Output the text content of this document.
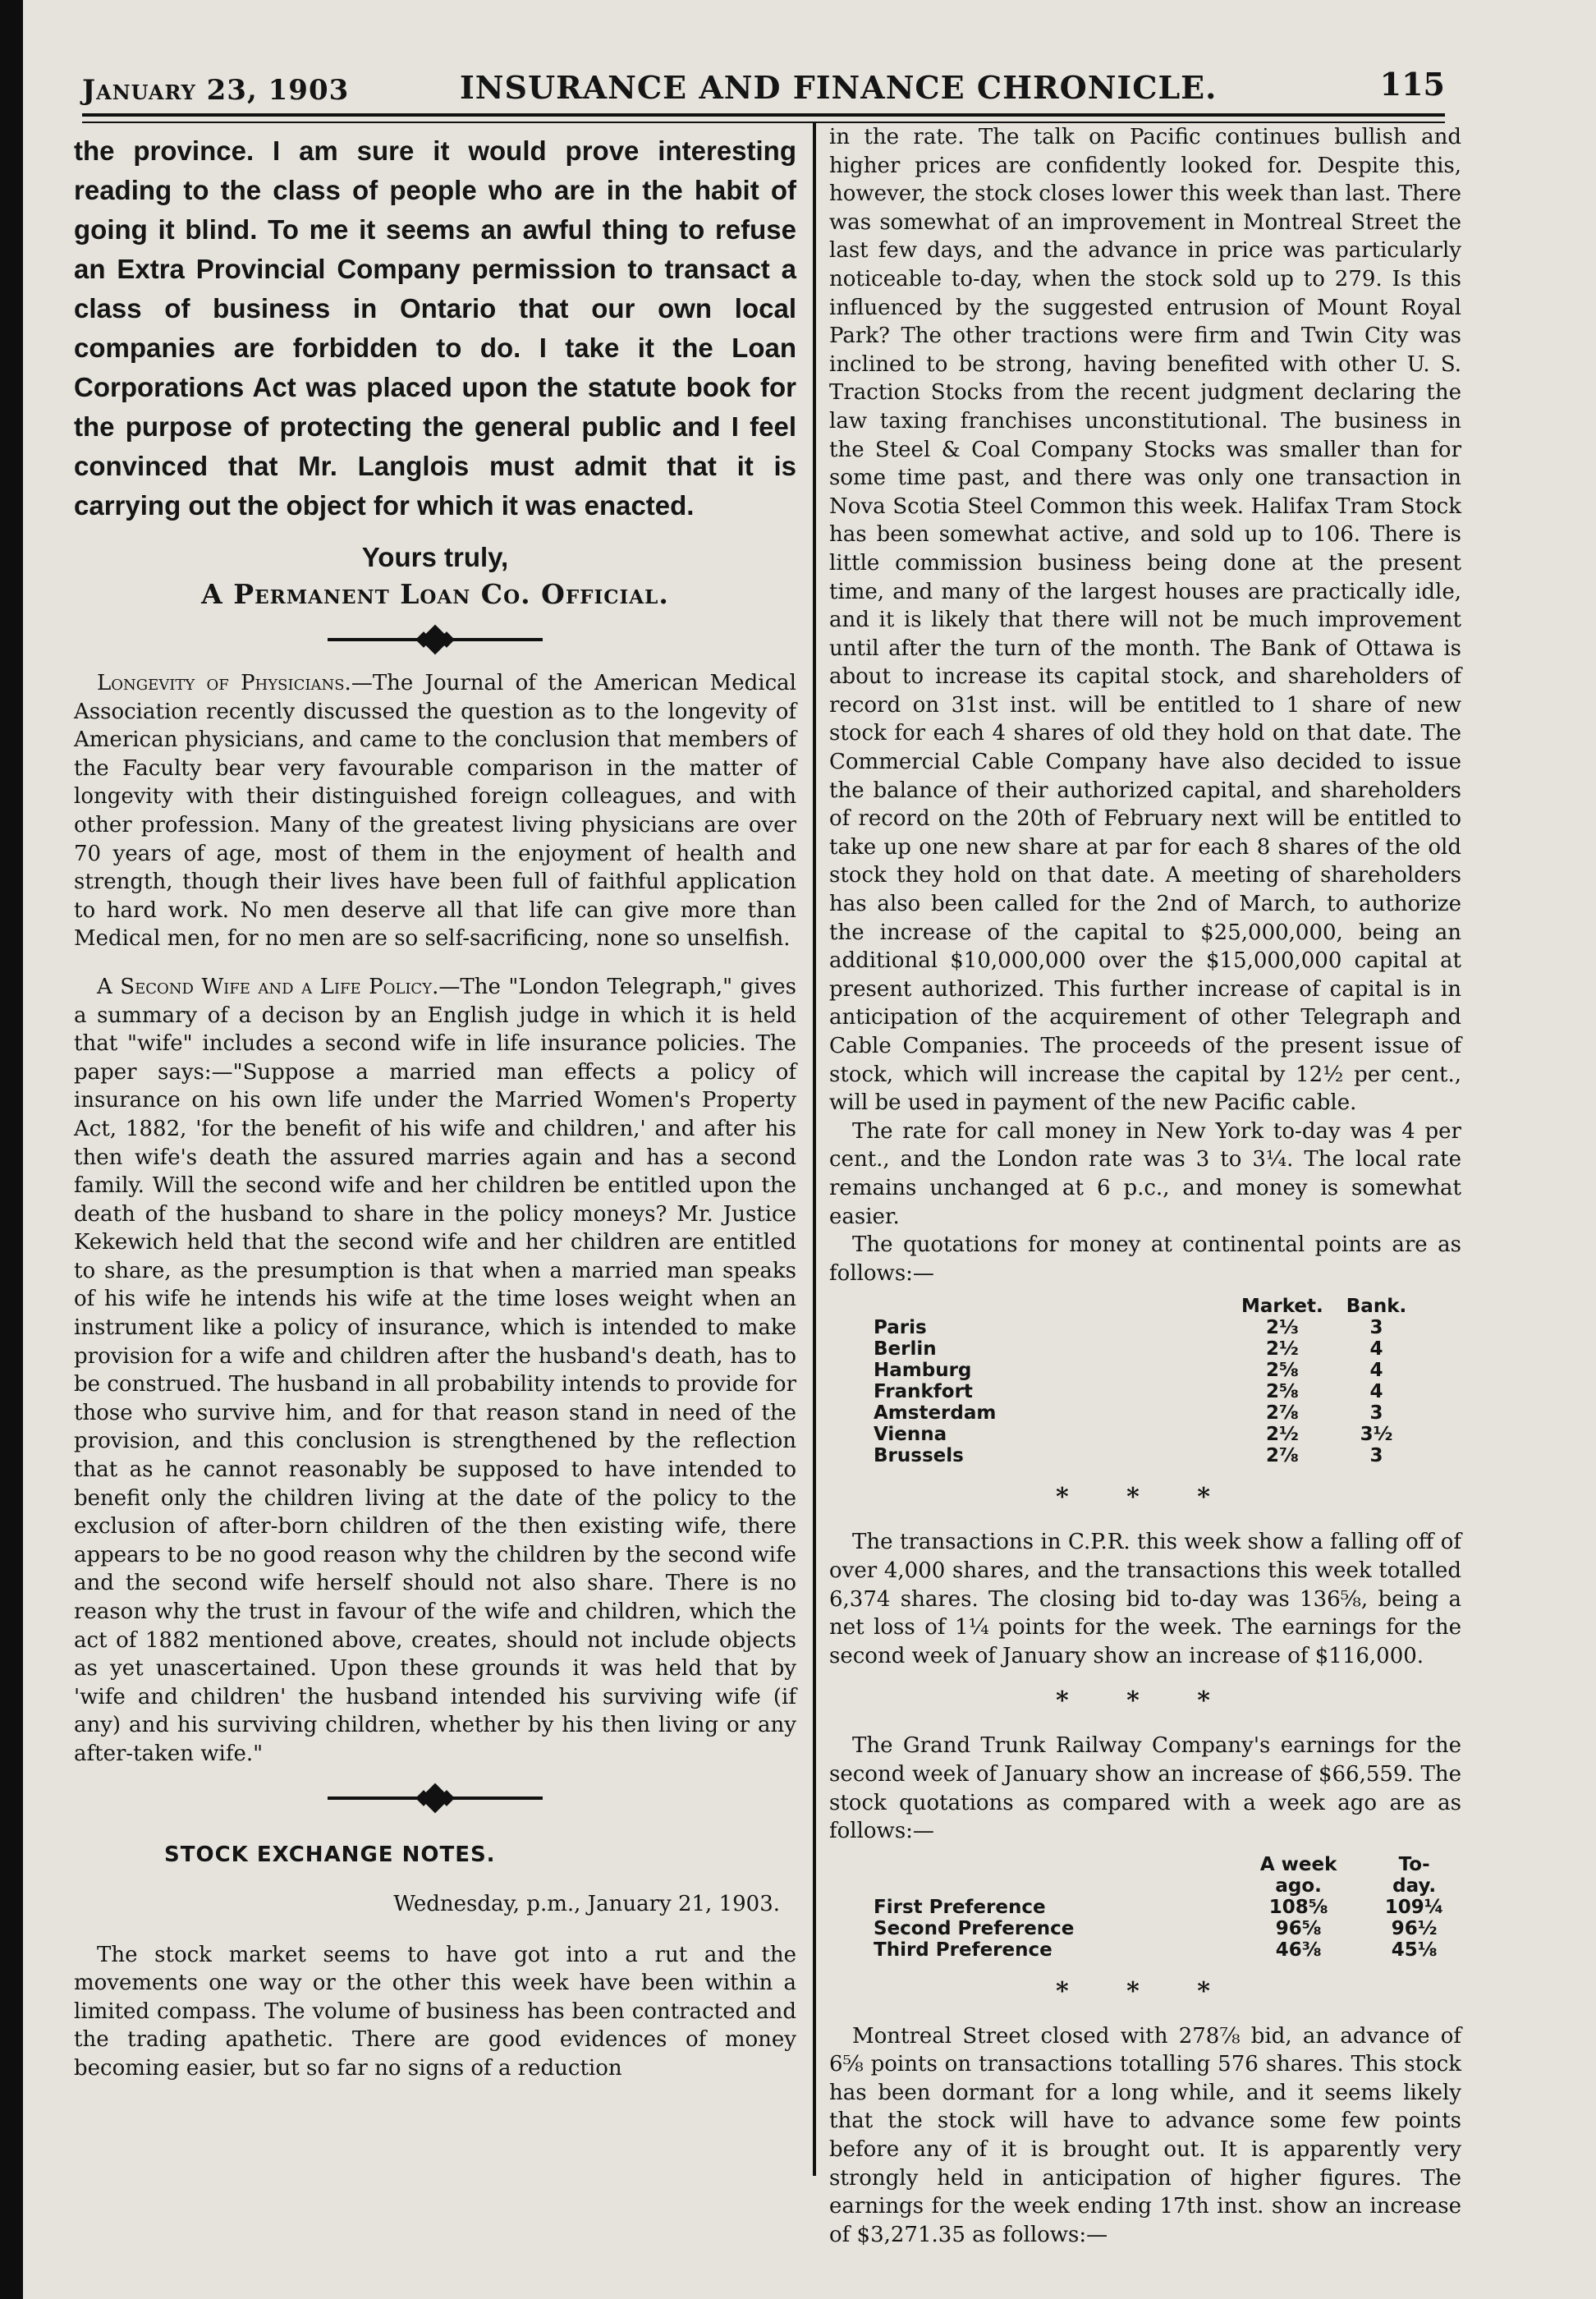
January 23, 1903	INSURANCE AND FINANCE CHRONICLE.	115

the province. I am sure it would prove interesting reading to the class of people who are in the habit of going it blind. To me it seems an awful thing to refuse an Extra Provincial Company permission to transact a class of business in Ontario that our own local companies are forbidden to do. I take it the Loan Corporations Act was placed upon the statute book for the purpose of protecting the general public and I feel convinced that Mr. Langlois must admit that it is carrying out the object for which it was enacted.

Yours truly,
A Permanent Loan Co. Official.

Longevity of Physicians.—The Journal of the American Medical Association recently discussed the question as to the longevity of American physicians, and came to the conclusion that members of the Faculty bear very favourable comparison in the matter of longevity with their distinguished foreign colleagues, and with other profession. Many of the greatest living physicians are over 70 years of age, most of them in the enjoyment of health and strength, though their lives have been full of faithful application to hard work. No men deserve all that life can give more than Medical men, for no men are so self-sacrificing, none so unselfish.

A Second Wife and a Life Policy.—The "London Telegraph," gives a summary of a decison by an English judge in which it is held that "wife" includes a second wife in life insurance policies. The paper says:—"Suppose a married man effects a policy of insurance on his own life under the Married Women's Property Act, 1882, 'for the benefit of his wife and children,' and after his then wife's death the assured marries again and has a second family. Will the second wife and her children be entitled upon the death of the husband to share in the policy moneys? Mr. Justice Kekewich held that the second wife and her children are entitled to share, as the presumption is that when a married man speaks of his wife he intends his wife at the time loses weight when an instrument like a policy of insurance, which is intended to make provision for a wife and children after the husband's death, has to be construed. The husband in all probability intends to provide for those who survive him, and for that reason stand in need of the provision, and this conclusion is strengthened by the reflection that as he cannot reasonably be supposed to have intended to benefit only the children living at the date of the policy to the exclusion of after-born children of the then existing wife, there appears to be no good reason why the children by the second wife and the second wife herself should not also share. There is no reason why the trust in favour of the wife and children, which the act of 1882 mentioned above, creates, should not include objects as yet unascertained. Upon these grounds it was held that by 'wife and children' the husband intended his surviving wife (if any) and his surviving children, whether by his then living or any after-taken wife."

STOCK EXCHANGE NOTES.
Wednesday, p.m., January 21, 1903.

The stock market seems to have got into a rut and the movements one way or the other this week have been within a limited compass. The volume of business has been contracted and the trading apathetic. There are good evidences of money becoming easier, but so far no signs of a reduction

in the rate. The talk on Pacific continues bullish and higher prices are confidently looked for. Despite this, however, the stock closes lower this week than last. There was somewhat of an improvement in Montreal Street the last few days, and the advance in price was particularly noticeable to-day, when the stock sold up to 279. Is this influenced by the suggested entrusion of Mount Royal Park? The other tractions were firm and Twin City was inclined to be strong, having benefited with other U. S. Traction Stocks from the recent judgment declaring the law taxing franchises unconstitutional. The business in the Steel & Coal Company Stocks was smaller than for some time past, and there was only one transaction in Nova Scotia Steel Common this week. Halifax Tram Stock has been somewhat active, and sold up to 106. There is little commission business being done at the present time, and many of the largest houses are practically idle, and it is likely that there will not be much improvement until after the turn of the month. The Bank of Ottawa is about to increase its capital stock, and shareholders of record on 31st inst. will be entitled to 1 share of new stock for each 4 shares of old they hold on that date. The Commercial Cable Company have also decided to issue the balance of their authorized capital, and shareholders of record on the 20th of February next will be entitled to take up one new share at par for each 8 shares of the old stock they hold on that date. A meeting of shareholders has also been called for the 2nd of March, to authorize the increase of the capital to $25,000,000, being an additional $10,000,000 over the $15,000,000 capital at present authorized. This further increase of capital is in anticipation of the acquirement of other Telegraph and Cable Companies. The proceeds of the present issue of stock, which will increase the capital by 12½ per cent., will be used in payment of the new Pacific cable.

The rate for call money in New York to-day was 4 per cent., and the London rate was 3 to 3¼. The local rate remains unchanged at 6 p.c., and money is somewhat easier.

The quotations for money at continental points are as follows:—

	Market.	Bank.
Paris	2⅓	3
Berlin	2½	4
Hamburg	2⅝	4
Frankfort	2⅝	4
Amsterdam	2⅞	3
Vienna	2½	3½
Brussels	2⅞	3
* * *

The transactions in C.P.R. this week show a falling off of over 4,000 shares, and the transactions this week totalled 6,374 shares. The closing bid to-day was 136⅝, being a net loss of 1¼ points for the week. The earnings for the second week of January show an increase of $116,000.

* * *

The Grand Trunk Railway Company's earnings for the second week of January show an increase of $66,559. The stock quotations as compared with a week ago are as follows:—

	A week ago.	To-day.
First Preference	108⅝	109¼
Second Preference	96⅝	96½
Third Preference	46⅜	45⅛
* * *

Montreal Street closed with 278⅞ bid, an advance of 6⅝ points on transactions totalling 576 shares. This stock has been dormant for a long while, and it seems likely that the stock will have to advance some few points before any of it is brought out. It is apparently very strongly held in anticipation of higher figures. The earnings for the week ending 17th inst. show an increase of $3,271.35 as follows:—
